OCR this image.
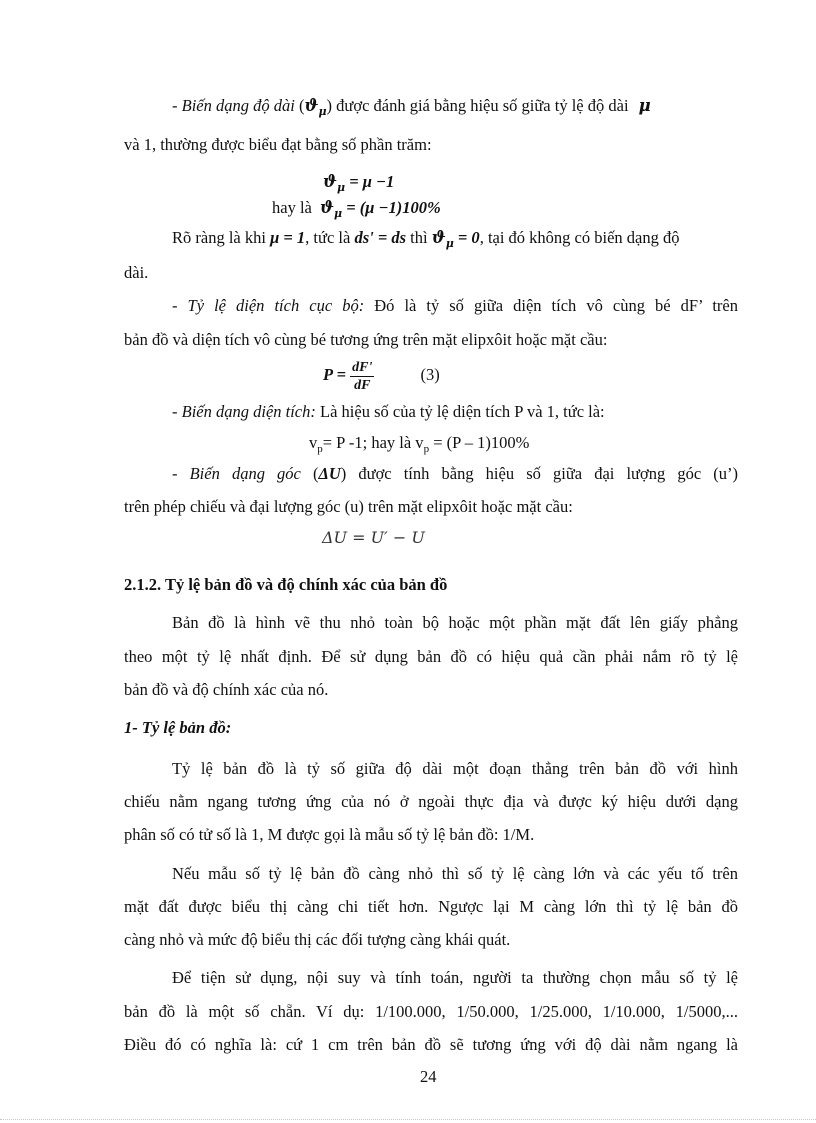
- Biến dạng độ dài $(ϑ_\mu)$ được đánh giá bằng hiệu số giữa tỷ lệ độ dài μ
và 1, thường được biểu đạt bằng số phần trăm:
$ϑ_\mu = \mu -1$
hay là $ϑ_\mu = (\mu -1)100\%$
Rõ ràng là khi μ = 1, tức là ds' = ds thì $ϑ_\mu = 0$, tại đó không có biến dạng độ
dài.
- Tỷ lệ diện tích cục bộ: Đó là tỷ số giữa diện tích vô cùng bé dF’ trên
bản đồ và diện tích vô cùng bé tương ứng trên mặt elipxôit hoặc mặt cầu:
$P = \frac{dF'}{dF}$	(3)
- Biến dạng diện tích: Là hiệu số của tỷ lệ diện tích P và 1, tức là:
$v_p= P$ -1; hay là $v_p = (P - 1)100\%$
- Biến dạng góc (ΔU) được tính bằng hiệu số giữa đại lượng góc (u’)
trên phép chiếu và đại lượng góc (u) trên mặt elipxôit hoặc mặt cầu:
ΔU = U′ − U
2.1.2. Tỷ lệ bản đồ và độ chính xác của bản đồ
Bản đồ là hình vẽ thu nhỏ toàn bộ hoặc một phần mặt đất lên giấy phẳng
theo một tỷ lệ nhất định. Để sử dụng bản đồ có hiệu quả cần phải nắm rõ tỷ lệ
bản đồ và độ chính xác của nó.
1- Tỷ lệ bản đồ:
Tỷ lệ bản đồ là tỷ số giữa độ dài một đoạn thẳng trên bản đồ với hình
chiếu nằm ngang tương ứng của nó ở ngoài thực địa và được ký hiệu dưới dạng
phân số có tử số là 1, M được gọi là mẫu số tỷ lệ bản đồ: 1/M.
Nếu mẫu số tỷ lệ bản đồ càng nhỏ thì số tỷ lệ càng lớn và các yếu tố trên
mặt đất được biểu thị càng chi tiết hơn. Ngược lại M càng lớn thì tỷ lệ bản đồ
càng nhỏ và mức độ biểu thị các đối tượng càng khái quát.
Để tiện sử dụng, nội suy và tính toán, người ta thường chọn mẫu số tỷ lệ
bản đồ là một số chẵn. Ví dụ: 1/100.000, 1/50.000, 1/25.000, 1/10.000, 1/5000,...
Điều đó có nghĩa là: cứ 1 cm trên bản đồ sẽ tương ứng với độ dài nằm ngang là
24
